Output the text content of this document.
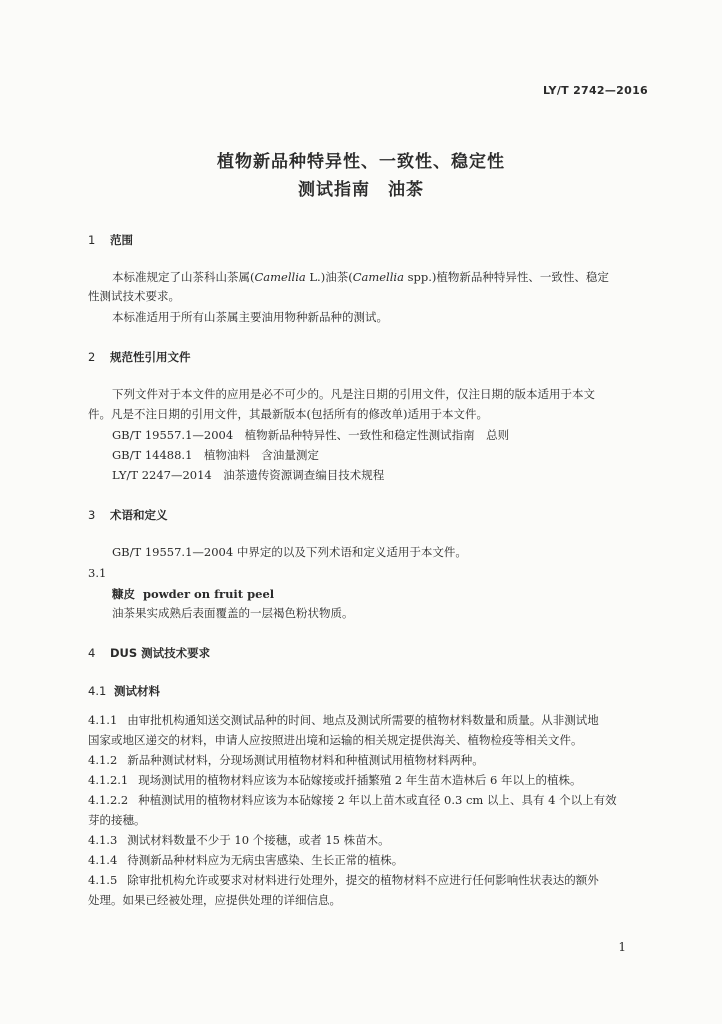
LY/T 2742—2016
植物新品种特异性、一致性、稳定性
测试指南　油茶
1 范围
本标准规定了山茶科山茶属(Camellia L.)油茶(Camellia spp.)植物新品种特异性、一致性、稳定
性测试技术要求。
本标准适用于所有山茶属主要油用物种新品种的测试。
2 规范性引用文件
下列文件对于本文件的应用是必不可少的。凡是注日期的引用文件，仅注日期的版本适用于本文
件。凡是不注日期的引用文件，其最新版本(包括所有的修改单)适用于本文件。
GB/T 19557.1—2004　植物新品种特异性、一致性和稳定性测试指南　总则
GB/T 14488.1　植物油料　含油量测定
LY/T 2247—2014　油茶遗传资源调查编目技术规程
3 术语和定义
GB/T 19557.1—2004 中界定的以及下列术语和定义适用于本文件。
3.1
糠皮 powder on fruit peel
油茶果实成熟后表面覆盖的一层褐色粉状物质。
4 DUS 测试技术要求
4.1 测试材料
4.1.1 由审批机构通知送交测试品种的时间、地点及测试所需要的植物材料数量和质量。从非测试地
国家或地区递交的材料，申请人应按照进出境和运输的相关规定提供海关、植物检疫等相关文件。
4.1.2 新品种测试材料，分现场测试用植物材料和种植测试用植物材料两种。
4.1.2.1 现场测试用的植物材料应该为本砧嫁接或扦插繁殖 2 年生苗木造林后 6 年以上的植株。
4.1.2.2 种植测试用的植物材料应该为本砧嫁接 2 年以上苗木或直径 0.3 cm 以上、具有 4 个以上有效
芽的接穗。
4.1.3 测试材料数量不少于 10 个接穗，或者 15 株苗木。
4.1.4 待测新品种材料应为无病虫害感染、生长正常的植株。
4.1.5 除审批机构允许或要求对材料进行处理外，提交的植物材料不应进行任何影响性状表达的额外
处理。如果已经被处理，应提供处理的详细信息。
1
